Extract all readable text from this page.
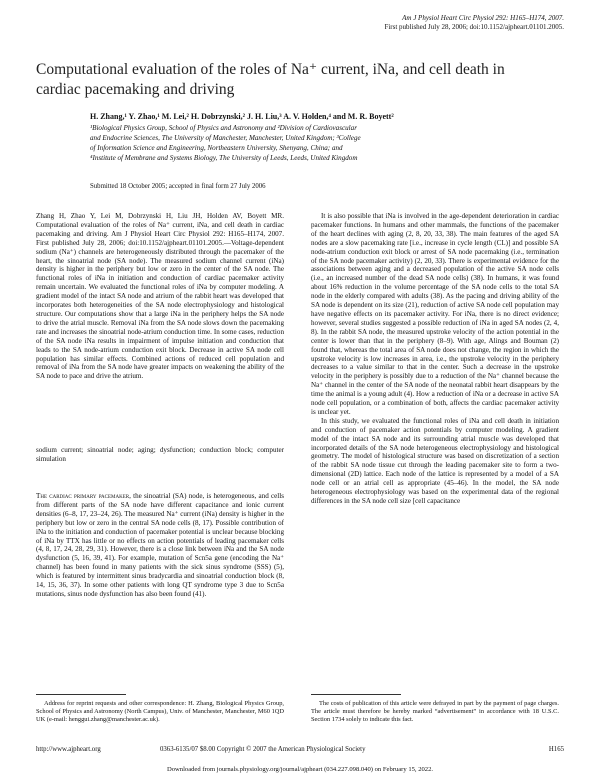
Am J Physiol Heart Circ Physiol 292: H165–H174, 2007.
First published July 28, 2006; doi:10.1152/ajpheart.01101.2005.
Computational evaluation of the roles of Na⁺ current, iNa, and cell death in
cardiac pacemaking and driving
H. Zhang,¹ Y. Zhao,¹ M. Lei,² H. Dobrzynski,² J. H. Liu,³ A. V. Holden,⁴ and M. R. Boyett²
¹Biological Physics Group, School of Physics and Astronomy and ²Division of Cardiovascular
and Endocrine Sciences, The University of Manchester, Manchester, United Kingdom; ³College
of Information Science and Engineering, Northeastern University, Shenyang, China; and
⁴Institute of Membrane and Systems Biology, The University of Leeds, Leeds, United Kingdom
Submitted 18 October 2005; accepted in final form 27 July 2006

Zhang H, Zhao Y, Lei M, Dobrzynski H, Liu JH, Holden AV, Boyett MR. Computational evaluation of the roles of Na⁺ current, iNa, and cell death in cardiac pacemaking and driving. Am J Physiol Heart Circ Physiol 292: H165–H174, 2007. First published July 28, 2006; doi:10.1152/ajpheart.01101.2005.—Voltage-dependent sodium (Na⁺) channels are heterogeneously distributed through the pacemaker of the heart, the sinoatrial node (SA node). The measured sodium channel current (iNa) density is higher in the periphery but low or zero in the center of the SA node. The functional roles of iNa in initiation and conduction of cardiac pacemaker activity remain uncertain. We evaluated the functional roles of iNa by computer modeling. A gradient model of the intact SA node and atrium of the rabbit heart was developed that incorporates both heterogeneities of the SA node electrophysiology and histological structure. Our computations show that a large iNa in the periphery helps the SA node to drive the atrial muscle. Removal iNa from the SA node slows down the pacemaking rate and increases the sinoatrial node-atrium conduction time. In some cases, reduction of the SA node iNa results in impairment of impulse initiation and conduction that leads to the SA node-atrium conduction exit block. Decrease in active SA node cell population has similar effects. Combined actions of reduced cell population and removal of iNa from the SA node have greater impacts on weakening the ability of the SA node to pace and drive the atrium.

sodium current; sinoatrial node; aging; dysfunction; conduction block; computer simulation

The cardiac primary pacemaker, the sinoatrial (SA) node, is heterogeneous, and cells from different parts of the SA node have different capacitance and ionic current densities (6–8, 17, 23–24, 26). The measured Na⁺ current (iNa) density is higher in the periphery but low or zero in the central SA node cells (8, 17). Possible contribution of iNa to the initiation and conduction of pacemaker potential is unclear because blocking of iNa by TTX has little or no effects on action potentials of leading pacemaker cells (4, 8, 17, 24, 28, 29, 31). However, there is a close link between iNa and the SA node dysfunction (5, 16, 39, 41). For example, mutation of Scn5a gene (encoding the Na⁺ channel) has been found in many patients with the sick sinus syndrome (SSS) (5), which is featured by intermittent sinus bradycardia and sinoatrial conduction block (8, 14, 15, 36, 37). In some other patients with long QT syndrome type 3 due to Scn5a mutations, sinus node dysfunction has also been found (41).

It is also possible that iNa is involved in the age-dependent deterioration in cardiac pacemaker functions. In humans and other mammals, the functions of the pacemaker of the heart declines with aging (2, 8, 20, 33, 38). The main features of the aged SA nodes are a slow pacemaking rate [i.e., increase in cycle length (CL)] and possible SA node-atrium conduction exit block or arrest of SA node pacemaking (i.e., termination of the SA node pacemaker activity) (2, 20, 33). There is experimental evidence for the associations between aging and a decreased population of the active SA node cells (i.e., an increased number of the dead SA node cells) (38). In humans, it was found about 16% reduction in the volume percentage of the SA node cells to the total SA node in the elderly compared with adults (38). As the pacing and driving ability of the SA node is dependent on its size (21), reduction of active SA node cell population may have negative effects on its pacemaker activity. For iNa, there is no direct evidence; however, several studies suggested a possible reduction of iNa in aged SA nodes (2, 4, 8). In the rabbit SA node, the measured upstroke velocity of the action potential in the center is lower than that in the periphery (8–9). With age, Alings and Bouman (2) found that, whereas the total area of SA node does not change, the region in which the upstroke velocity is low increases in area, i.e., the upstroke velocity in the periphery decreases to a value similar to that in the center. Such a decrease in the upstroke velocity in the periphery is possibly due to a reduction of the Na⁺ channel because the Na⁺ channel in the center of the SA node of the neonatal rabbit heart disappears by the time the animal is a young adult (4). How a reduction of iNa or a decrease in active SA node cell population, or a combination of both, affects the cardiac pacemaker activity is unclear yet.

In this study, we evaluated the functional roles of iNa and cell death in initiation and conduction of pacemaker action potentials by computer modeling. A gradient model of the intact SA node and its surrounding atrial muscle was developed that incorporated details of the SA node heterogeneous electrophysiology and histological geometry. The model of histological structure was based on discretization of a section of the rabbit SA node tissue cut through the leading pacemaker site to form a two-dimensional (2D) lattice. Each node of the lattice is represented by a model of a SA node cell or an atrial cell as appropriate (45–46). In the model, the SA node heterogeneous electrophysiology was based on the experimental data of the regional differences in the SA node cell size [cell capacitance

Address for reprint requests and other correspondence: H. Zhang, Biological Physics Group, School of Physics and Astronomy (North Campus), Univ. of Manchester, Manchester, M60 1QD UK (e-mail: henggui.zhang@manchester.ac.uk).
The costs of publication of this article were defrayed in part by the payment of page charges. The article must therefore be hereby marked “advertisement” in accordance with 18 U.S.C. Section 1734 solely to indicate this fact.
http://www.ajpheart.org	0363-6135/07 $8.00 Copyright © 2007 the American Physiological Society	H165
Downloaded from journals.physiology.org/journal/ajpheart (034.227.098.040) on February 15, 2022.
